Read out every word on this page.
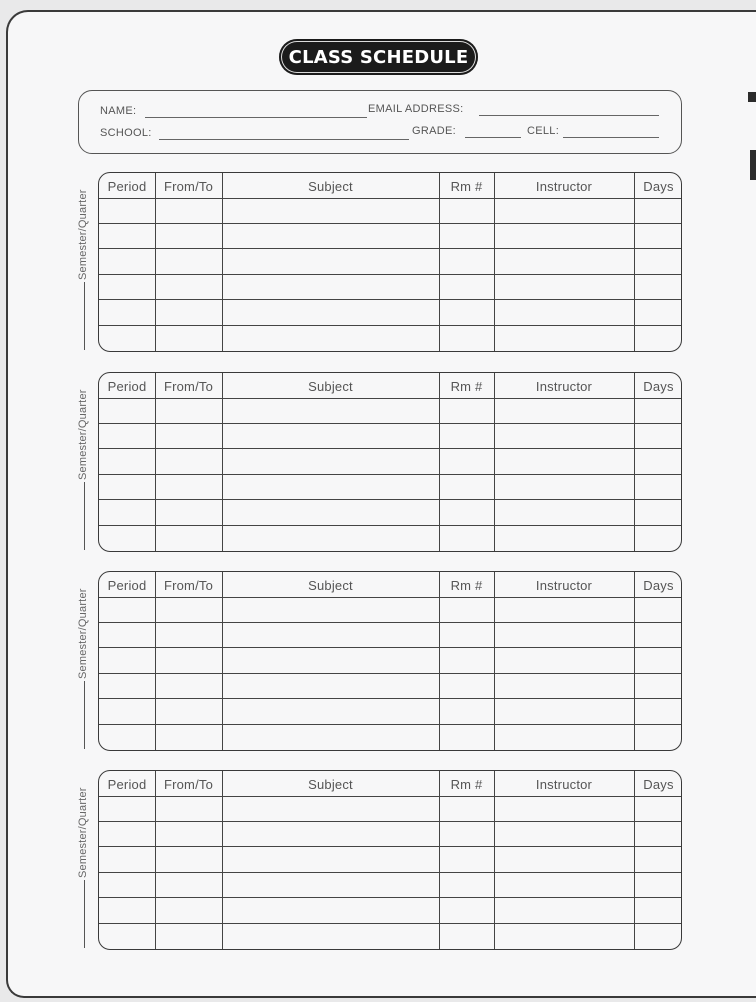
CLASS SCHEDULE
NAME:	EMAIL ADDRESS:
SCHOOL:	GRADE:	CELL:
Semester/Quarter
Period	From/To	Subject	Rm #	Instructor	Days
Semester/Quarter
Period	From/To	Subject	Rm #	Instructor	Days
Semester/Quarter
Period	From/To	Subject	Rm #	Instructor	Days
Semester/Quarter
Period	From/To	Subject	Rm #	Instructor	Days
